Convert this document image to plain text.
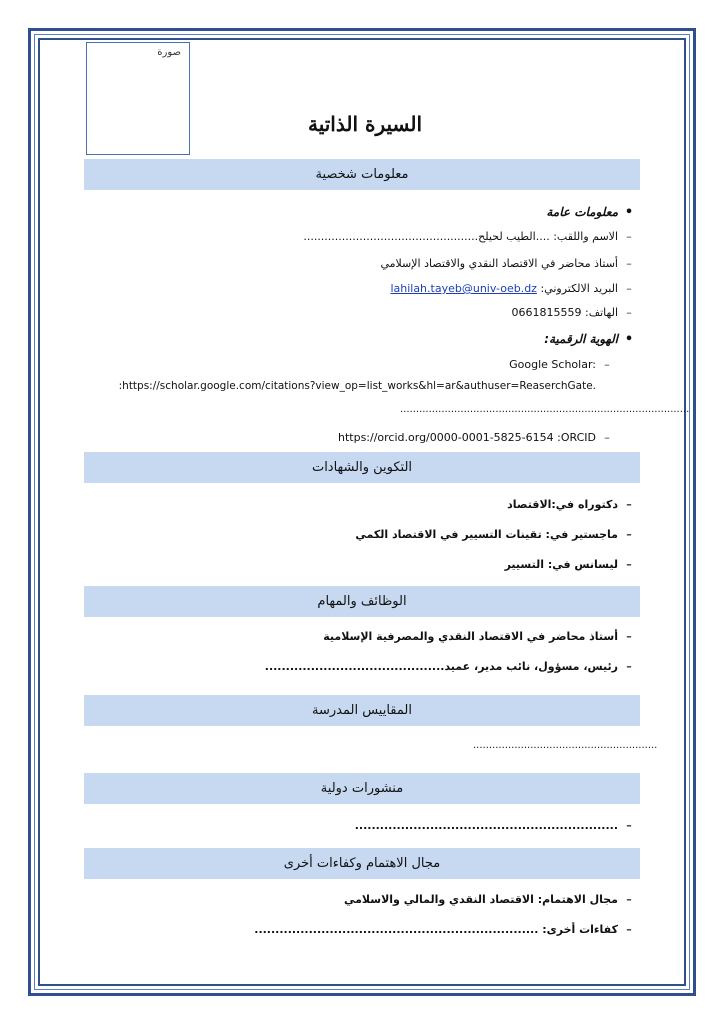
صورة
السيرة الذاتية
معلومات شخصية
•معلومات عامة
–الاسم واللقب: ....الطيب لحيلح..................................................
–أستاذ محاضر في الاقتصاد النقدي والاقتصاد الإسلامي
–البريد الالكتروني: lahilah.tayeb@univ-oeb.dz
–الهاتف: 0661815559
•الهوية الرقمية:
–Google Scholar:
:https://scholar.google.com/citations?view_op=list_works&hl=ar&authuser=ReaserchGate.
...........................................................................................
–https://orcid.org/0000-0001-5825-6154 :ORCID
التكوين والشهادات
–دكتوراه في:الاقتصاد
–ماجستير في: تقينات التسيير في الاقتصاد الكمي
–ليسانس في: التسيير
الوظائف والمهام
–أستاذ محاضر في الاقتصاد النقدي والمصرفية الإسلامية
–رئيس، مسؤول، نائب مدير، عميد...........................................
المقاييس المدرسة
..........................................................
منشورات دولية
–...............................................................
مجال الاهتمام وكفاءات أخرى
–مجال الاهتمام: الاقتصاد النقدي والمالي والاسلامي
–كفاءات أخرى: ....................................................................
